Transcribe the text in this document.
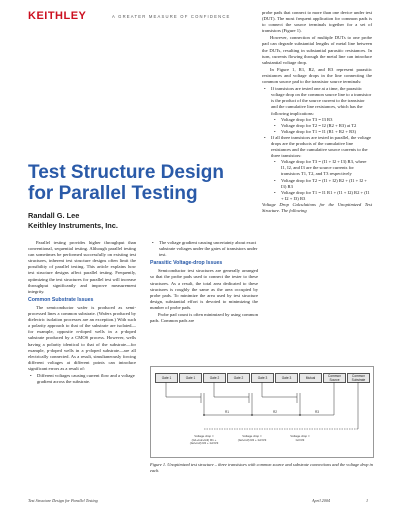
KEITHLEY	A GREATER MEASURE OF CONFIDENCE
Test Structure Design
for Parallel Testing
Randall G. Lee
Keithley Instruments, Inc.

Parallel testing provides higher throughput than conventional, sequential testing. Although parallel testing can sometimes be performed successfully on existing test structures, inherent test structure designs often limit the possibility of parallel testing. This article explains how test structure designs affect parallel testing. Frequently, optimizing the test structures for parallel test will increase throughput significantly and improve measurement integrity.

Common Substrate Issues

The semiconductor wafer is produced as semi-processed lines a common substrate. (Wafers produced by dielectric isolation processes are an exception.) With such a polarity approach to that of the substrate are isolated—for example, opposite n-doped wells in a p-doped substrate produced by a CMOS process. However, wells having a polarity identical to that of the substrate—for example, p-doped wells in a p-doped substrate—are all electrically connected. As a result, simultaneously forcing different voltages at different points can introduce significant errors as a result of:

• Different voltages causing current flow and a voltage gradient across the substrate.
• The voltage gradient causing uncertainty about exact substrate voltages under the gates of transistors under test.
Parasitic Voltage-drop Issues

Semiconductor test structures are generally arranged so that the probe pads used to connect the tester to these structures. As a result, the total area dedicated to these structures is roughly the same as the area occupied by probe pads. To minimize the area used by test structure design, substantial effort is devoted to minimizing the number of probe pads.

Probe pad count is often minimized by using common pads. Common pads are

probe pads that connect to more than one device under test (DUT). The most frequent application for common pads is to connect the source terminals together for a set of transistors (Figure 1).

However, connection of multiple DUTs to one probe pad can degrade substantial lengths of metal line between the DUTs, resulting in substantial parasitic resistances. In turn, currents flowing through the metal line can introduce substantial voltage drop.

In Figure 1, R1, R2, and R3 represent parasitic resistances and voltage drops in the line connecting the common source pad to the transistor source terminals:

• If transistors are tested one at a time, the parasitic voltage drop on the common source line to a transistor is the product of the source current to the transistor and the cumulative line resistances, which has the following implications:
• Voltage drop for T3 = I3 R3
• Voltage drop for T2 = I2 (R2 + R3) at T2
• Voltage drop for T1 = I1 (R1 + R2 + R3)
• If all three transistors are tested in parallel, the voltage drops are the products of the cumulative line resistances and the cumulative source currents to the three transistors:
• Voltage drop for T3 = (I1 + I2 + I3) R3, where I1, I2, and I3 are the source currents for transistors T1, T2, and T3 respectively
• Voltage drop for T2 = (I1 + I2) R2 + (I1 + I2 + I3) R3
• Voltage drop for T1 = I1 R1 + (I1 + I2) R2 + (I1 + I2 + I3) R3

Voltage Drop Calculations for the Unoptimized Test Structure. The following

Gate 1	Gate 1	Gate 2	Gate 2	Gate 3	Gate 3	Mutual	Common Source
Common Substrate
R1	R2	R3
Voltage drop =
(Is1+Is2+Is3) R1 + (Is2+Is3) R2 + Is3 R3
Voltage drop =
(Is2+Is3) R2 + Is3 R3
Voltage drop =
Is3 R3
Figure 1. Unoptimized test structure – three transistors with common source and substrate connections and the voltage drop in each.
Test Structure Design for Parallel Testing	April 2004	1
